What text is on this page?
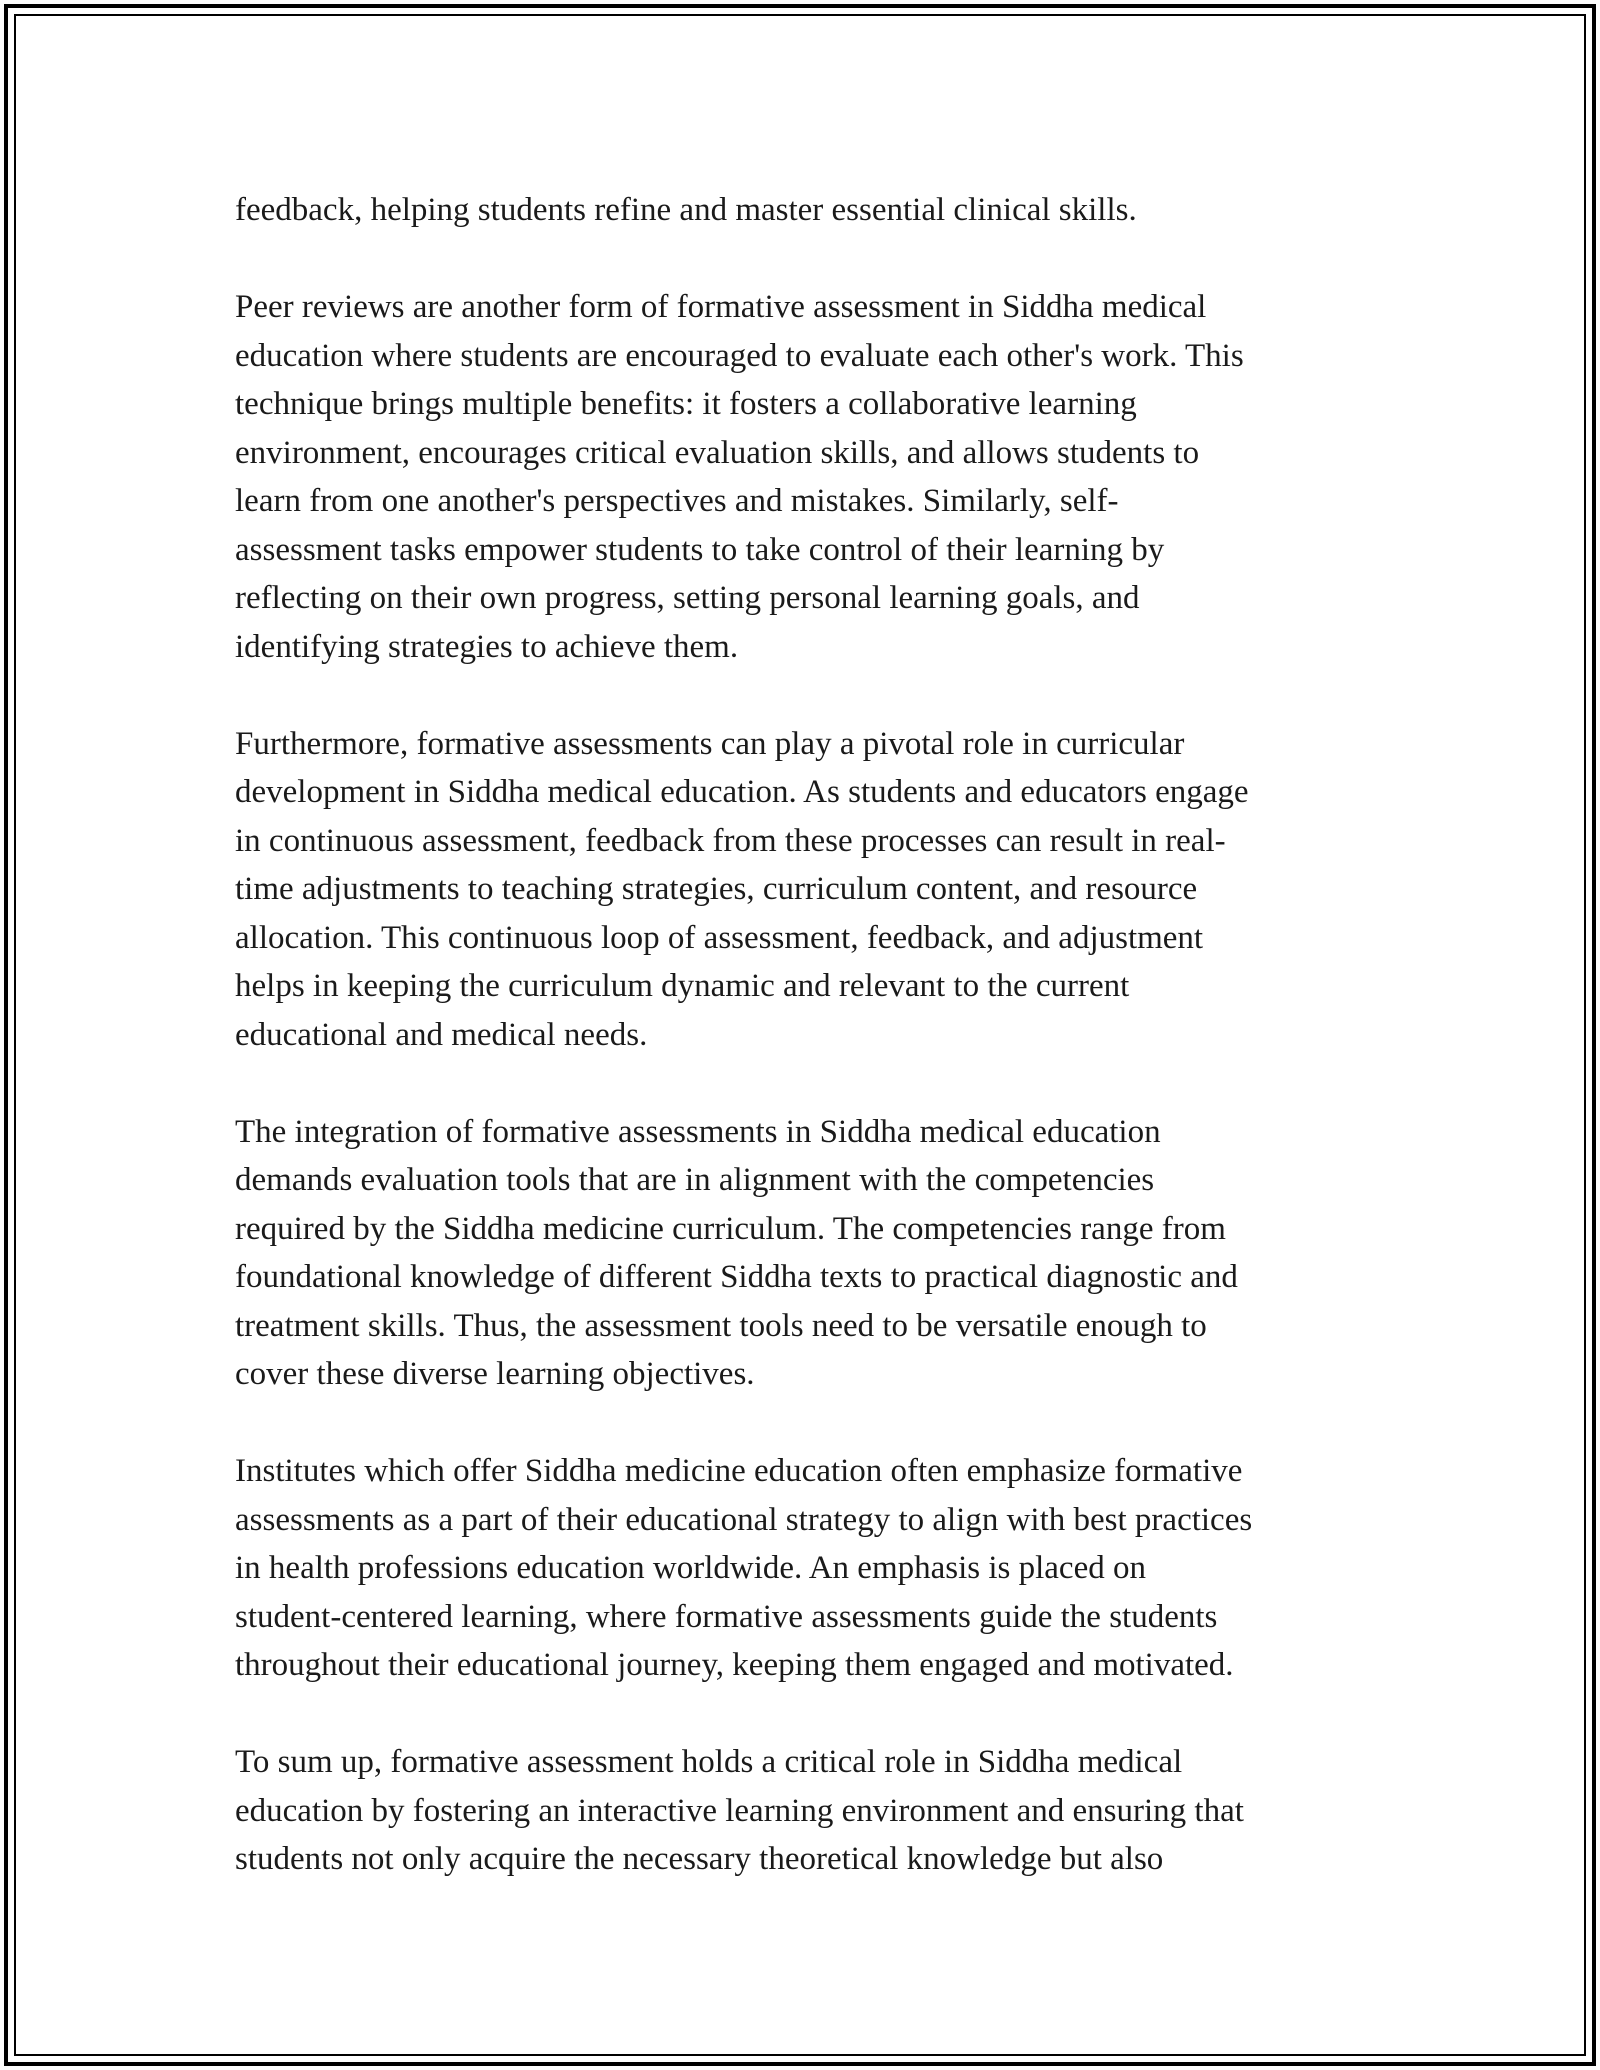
feedback, helping students refine and master essential clinical skills.

Peer reviews are another form of formative assessment in Siddha medical
education where students are encouraged to evaluate each other's work. This
technique brings multiple benefits: it fosters a collaborative learning
environment, encourages critical evaluation skills, and allows students to
learn from one another's perspectives and mistakes. Similarly, self-
assessment tasks empower students to take control of their learning by
reflecting on their own progress, setting personal learning goals, and
identifying strategies to achieve them.

Furthermore, formative assessments can play a pivotal role in curricular
development in Siddha medical education. As students and educators engage
in continuous assessment, feedback from these processes can result in real-
time adjustments to teaching strategies, curriculum content, and resource
allocation. This continuous loop of assessment, feedback, and adjustment
helps in keeping the curriculum dynamic and relevant to the current
educational and medical needs.

The integration of formative assessments in Siddha medical education
demands evaluation tools that are in alignment with the competencies
required by the Siddha medicine curriculum. The competencies range from
foundational knowledge of different Siddha texts to practical diagnostic and
treatment skills. Thus, the assessment tools need to be versatile enough to
cover these diverse learning objectives.

Institutes which offer Siddha medicine education often emphasize formative
assessments as a part of their educational strategy to align with best practices
in health professions education worldwide. An emphasis is placed on
student-centered learning, where formative assessments guide the students
throughout their educational journey, keeping them engaged and motivated.

To sum up, formative assessment holds a critical role in Siddha medical
education by fostering an interactive learning environment and ensuring that
students not only acquire the necessary theoretical knowledge but also
